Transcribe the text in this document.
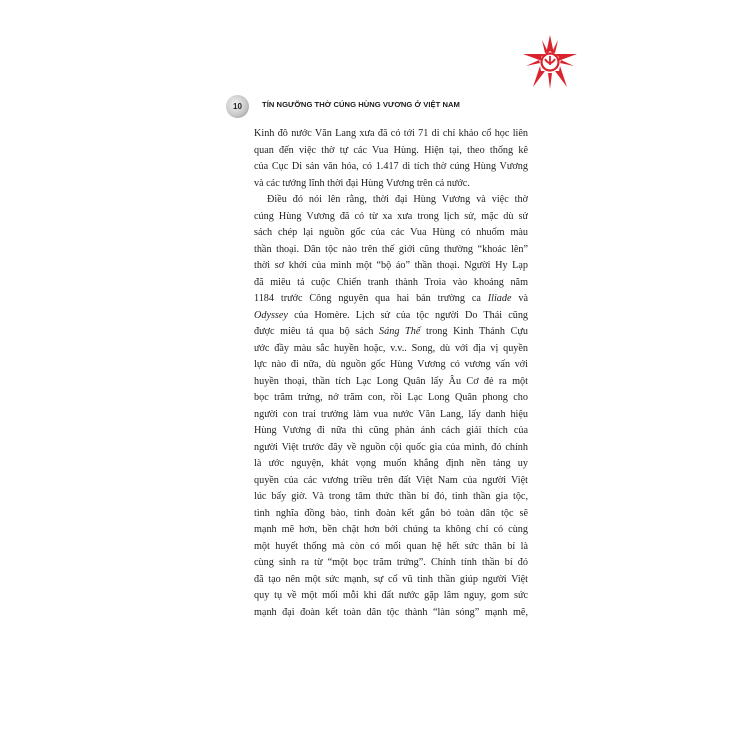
10	TÍN NGƯỠNG THỜ CÚNG HÙNG VƯƠNG Ở VIỆT NAM
Kinh đô nước Văn Lang xưa đã có tới 71 di chỉ khảo cổ học liên
quan đến việc thờ tự các Vua Hùng. Hiện tại, theo thống kê
của Cục Di sản văn hóa, có 1.417 di tích thờ cúng Hùng Vương
và các tướng lĩnh thời đại Hùng Vương trên cả nước.
Điều đó nói lên rằng, thời đại Hùng Vương và việc thờ
cúng Hùng Vương đã có từ xa xưa trong lịch sử, mặc dù sử
sách chép lại nguồn gốc của các Vua Hùng có nhuốm màu
thần thoại. Dân tộc nào trên thế giới cũng thường “khoác lên”
thời sơ khởi của mình một “bộ áo” thần thoại. Người Hy Lạp
đã miêu tả cuộc Chiến tranh thành Troia vào khoảng năm
1184 trước Công nguyên qua hai bản trường ca Iliade và
Odyssey của Homère. Lịch sử của tộc người Do Thái cũng
được miêu tả qua bộ sách Sáng Thế trong Kinh Thánh Cựu
ước đầy màu sắc huyền hoặc, v.v.. Song, dù với địa vị quyền
lực nào đi nữa, dù nguồn gốc Hùng Vương có vương vấn với
huyền thoại, thần tích Lạc Long Quân lấy Âu Cơ đẻ ra một
bọc trăm trứng, nở trăm con, rồi Lạc Long Quân phong cho
người con trai trưởng làm vua nước Văn Lang, lấy danh hiệu
Hùng Vương đi nữa thì cũng phản ánh cách giải thích của
người Việt trước đây về nguồn cội quốc gia của mình, đó chính
là ước nguyện, khát vọng muốn khẳng định nền tảng uy
quyền của các vương triều trên đất Việt Nam của người Việt
lúc bấy giờ. Và trong tâm thức thần bí đó, tinh thần gia tộc,
tình nghĩa đồng bào, tinh đoàn kết gắn bó toàn dân tộc sẽ
mạnh mẽ hơn, bền chặt hơn bởi chúng ta không chỉ có cùng
một huyết thống mà còn có mối quan hệ hết sức thân bí là
cùng sinh ra từ “một bọc trăm trứng”. Chính tính thần bí đó
đã tạo nên một sức mạnh, sự cổ vũ tinh thần giúp người Việt
quy tụ về một mối mỗi khi đất nước gặp lâm nguy, gom sức
mạnh đại đoàn kết toàn dân tộc thành “làn sóng” mạnh mẽ,
